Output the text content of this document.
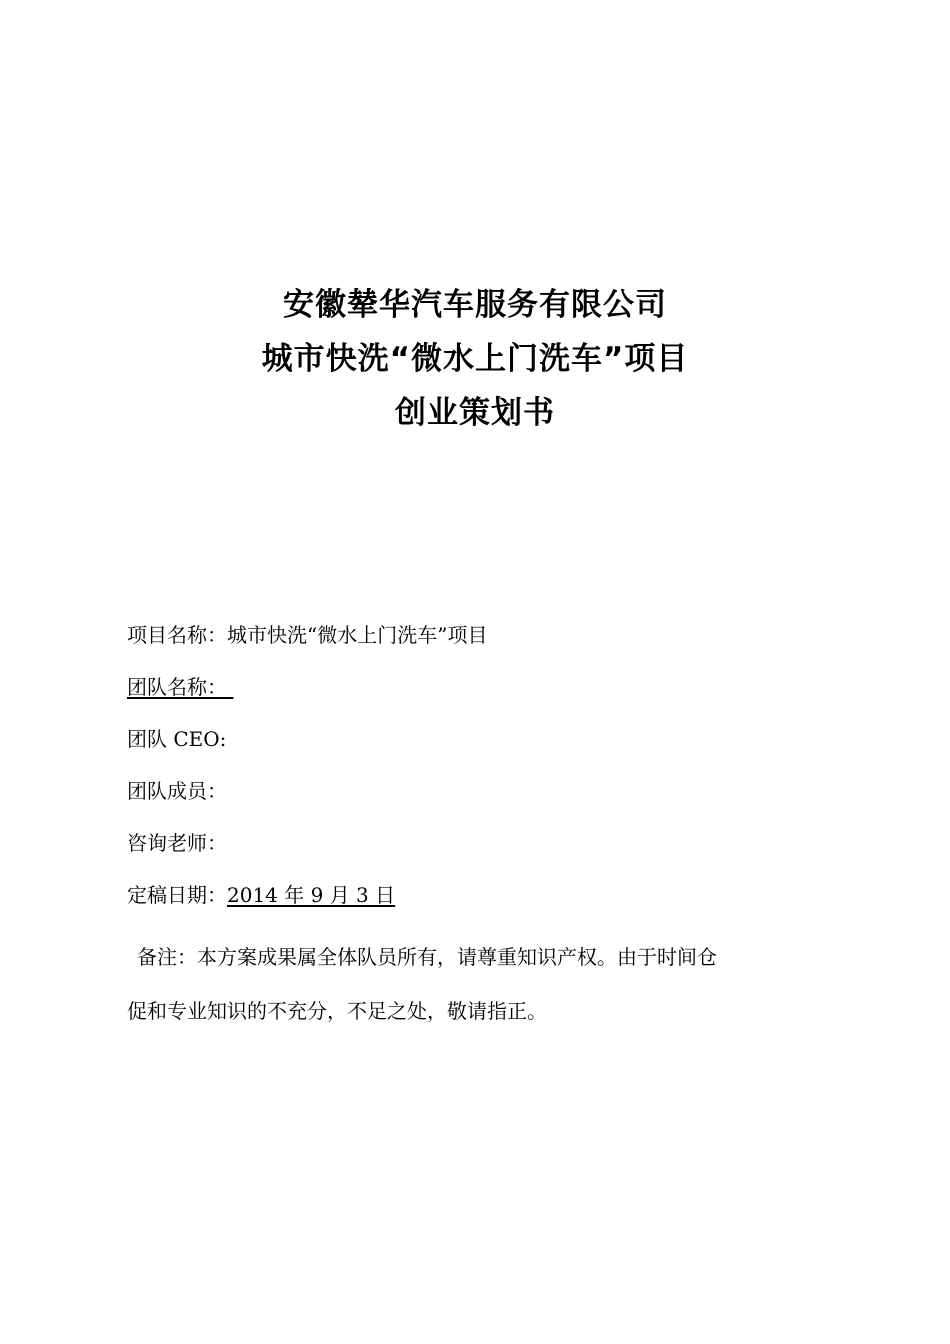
安徽辇华汽车服务有限公司
城市快洗“微水上门洗车”项目
创业策划书
项目名称：城市快洗“微水上门洗车”项目
团队名称：
团队 CEO:
团队成员：
咨询老师：
定稿日期：2014 年 9 月 3 日
备注：本方案成果属全体队员所有，请尊重知识产权。由于时间仓
促和专业知识的不充分，不足之处，敬请指正。
